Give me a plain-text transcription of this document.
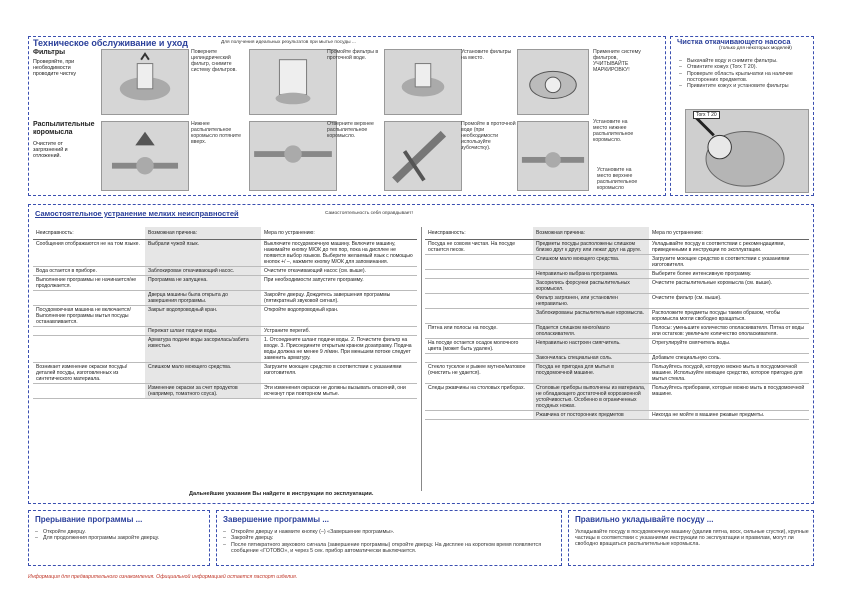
Техническое обслуживание и уход	Для получения идеальных результатов при мытье посуды ...
Фильтры
Проверяйте, при необходимости проводите чистку
Распылительные коромысла
Очистите от загрязнений и отложений.
Поверните цилиндрический фильтр, снимите систему фильтров.
Промойте фильтры в проточной воде.
Установите фильтры на место.
Примените систему фильтров, УЧИТЫВАЙТЕ МАРКИРОВКУ!
Нижнее распылительное коромысло потяните вверх.
Отверните верхнее распылительное коромысло.
Промойте в проточной воде (при необходимости используйте зубочистку).
Установите на место нижнее распылительное коромысло.
Установите на место верхнее распылительное коромысло
Чистка откачивающего насоса
(только для некоторых моделей)
– Выкачайте воду и снимите фильтры.
– Отвинтите кожух (Torx T 20).
– Проверьте область крыльчатки на наличие посторонних предметов.
– Привинтите кожух и установите фильтры
Torx T 20
Самостоятельное устранение мелких неисправностей	Самостоятельность себя оправдывает!
Неисправность:	Возможная причина:	Мера по устранению:
Сообщения отображаются не на том языке.	Выбрали чужой язык.	Выключите посудомоечную машину. Включите машину, нажимайте кнопку М/ОК до тех пор, пока на дисплее не появится выбор языков. Выберите желаемый язык с помощью кнопок +/ –, нажмите кнопку М/ОК для запоминания.
Вода остается в приборе.	Заблокирован откачивающий насос.	Очистите откачивающий насос (см. выше).
Выполнение программы не начинается/не продолжается.	Программа не запущена.	При необходимости запустите программу.
	Дверца машины была открыта до завершения программы.	Закройте дверцу. Дождитесь завершения программы (пятикратный звуковой сигнал).
Посудомоечная машина не включается/Выполнение программы мытья посуды останавливается.	Закрыт водопроводный кран.	Откройте водопроводный кран.
	Пережат шланг подачи воды.	Устраните перегиб.
	Арматура подачи воды засорилась/забита известью.	1. Отсоедините шланг подачи воды. 2. Почистите фильтр на входе. 3. Присоедините открытым краном дозаправку. Подача воды должна не менее 9 л/мин. При меньшем потоке следует заменить арматуру.
Возникает изменение окраски посуды/деталей посуды, изготовленных из синтетического материала.	Слишком мало моющего средства.	Загрузите моющее средство в соответствии с указаниями изготовителя.
	Изменение окраски за счет продуктов (например, томатного соуса).	Эти изменения окраски не должны вызывать опасений, они исчезнут при повторном мытье.
Неисправность:	Возможная причина:	Мера по устранению:
Посуда не совсем чистая. На посуде остается песок.	Предметы посуды расположены слишком близко друг к другу или лежат друг на друге.	Укладывайте посуду в соответствии с рекомендациями, приведенными в инструкции по эксплуатации.
	Слишком мало моющего средства.	Загрузите моющее средство в соответствии с указаниями изготовителя.
	Неправильно выбрана программа.	Выберите более интенсивную программу.
	Засорились форсунки распылительных коромысел.	Очистите распылительные коромысла (см. выше).
	Фильтр загрязнен, или установлен неправильно.	Очистите фильтр (см. выше).
	Заблокированы распылительные коромысла.	Расположите предметы посуды таким образом, чтобы коромысла могли свободно вращаться.
Пятна или полосы на посуде.	Подается слишком много/мало ополаскивателя.	Полосы: уменьшите количество ополаскивателя. Пятна от воды или остатков: увеличьте количество ополаскивателя.
На посуде остается осадок молочного цвета (может быть удален).	Неправильно настроен смягчитель.	Отрегулируйте смягчитель воды.
	Закончилась специальная соль.	Добавьте специальную соль.
Стекло тусклое и рыжее мутное/матовое (очистить не удается).	Посуда не пригодна для мытья в посудомоечной машине.	Пользуйтесь посудой, которую можно мыть в посудомоечной машине. Используйте моющее средство, которое пригодно для мытья стекла.
Следы ржавчины на столовых приборах.	Столовые приборы выполнены из материала, не обладающего достаточной коррозионной устойчивостью. Особенно в ограниченных посудных ножах.	Пользуйтесь приборами, которые можно мыть в посудомоечной машине.
	Ржавчина от посторонних предметов	Никогда не мойте в машине ржавые предметы.
Дальнейшие указания Вы найдете в инструкции по эксплуатации.
Прерывание программы ...
– Откройте дверцу.
– Для продолжения программы закройте дверцу.
Завершение программы ...
– Откройте дверцу и нажмите кнопку (–) «Завершение программы».
– Закройте дверцу.
– После пятикратного звукового сигнала (завершение программы) откройте дверцу. На дисплее на коротком время появляется сообщение «ГОТОВО», и через 5 сек. прибор автоматически выключается.
Правильно укладывайте посуду ...
Укладывайте посуду в посудомоечную машину (удалив пятна, воск, сильные сгустки), крупные частицы в соответствии с указаниями инструкции по эксплуатации и правилам, могут ли свободно вращаться распылительные коромысла.
Информация для предварительного ознакомления. Официальной информацией остается паспорт изделия.
